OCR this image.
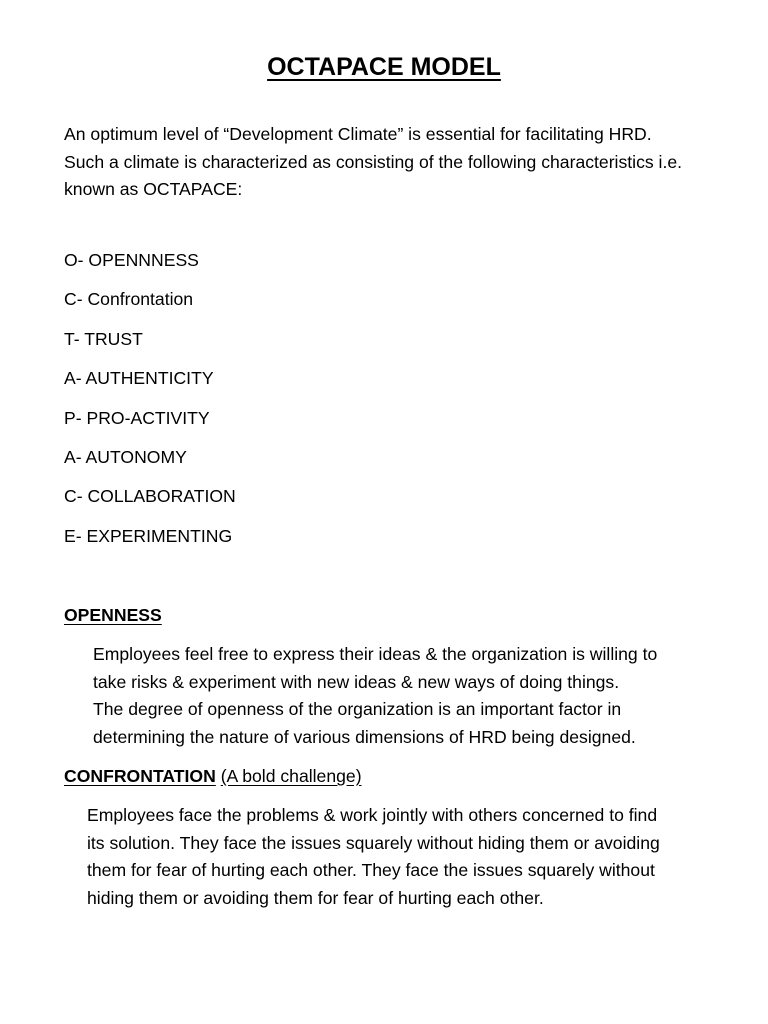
OCTAPACE MODEL

An optimum level of “Development Climate” is essential for facilitating HRD.
Such a climate is characterized as consisting of the following characteristics i.e.
known as OCTAPACE:

O- OPENNNESS
C- Confrontation
T- TRUST
A- AUTHENTICITY
P- PRO-ACTIVITY
A- AUTONOMY
C- COLLABORATION
E- EXPERIMENTING
OPENNESS

Employees feel free to express their ideas & the organization is willing to
take risks & experiment with new ideas & new ways of doing things.
The degree of openness of the organization is an important factor in
determining the nature of various dimensions of HRD being designed.

CONFRONTATION (A bold challenge)

Employees face the problems & work jointly with others concerned to find
its solution. They face the issues squarely without hiding them or avoiding
them for fear of hurting each other. They face the issues squarely without
hiding them or avoiding them for fear of hurting each other.
